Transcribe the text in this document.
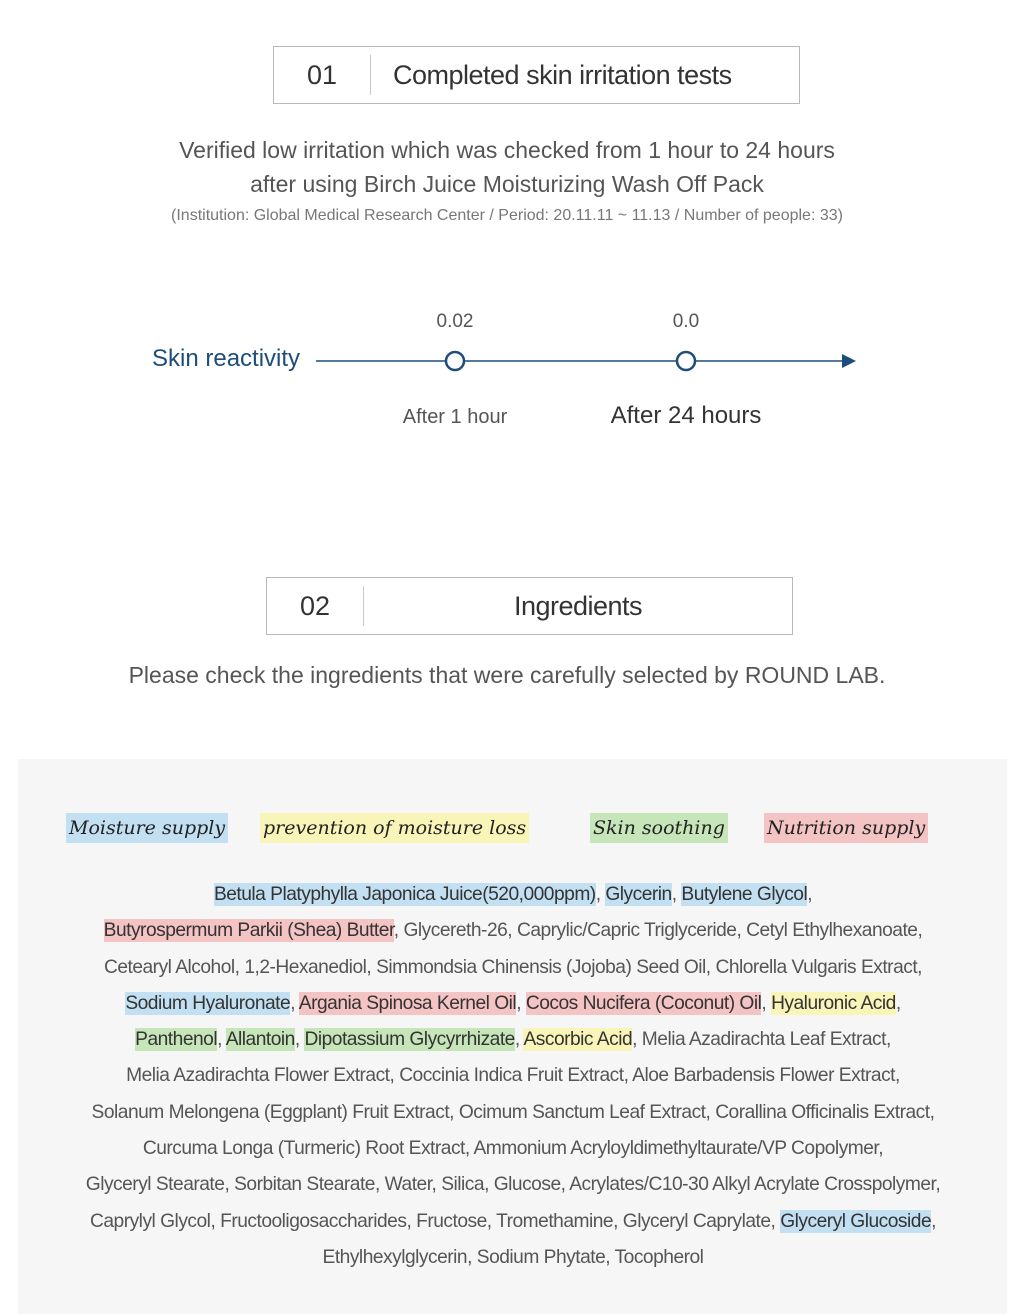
01	Completed skin irritation tests
Verified low irritation which was checked from 1 hour to 24 hours
after using Birch Juice Moisturizing Wash Off Pack
(Institution: Global Medical Research Center / Period: 20.11.11 ~ 11.13 / Number of people: 33)
Skin reactivity
0.02	0.0
After 1 hour	After 24 hours
02	Ingredients
Please check the ingredients that were carefully selected by ROUND LAB.
Moisture supply prevention of moisture loss	Skin soothing Nutrition supply
Betula Platyphylla Japonica Juice(520,000ppm), Glycerin, Butylene Glycol,
Butyrospermum Parkii (Shea) Butter, Glycereth-26, Caprylic/Capric Triglyceride, Cetyl Ethylhexanoate,
Cetearyl Alcohol, 1,2-Hexanediol, Simmondsia Chinensis (Jojoba) Seed Oil, Chlorella Vulgaris Extract,
Sodium Hyaluronate, Argania Spinosa Kernel Oil, Cocos Nucifera (Coconut) Oil, Hyaluronic Acid,
Panthenol, Allantoin, Dipotassium Glycyrrhizate, Ascorbic Acid, Melia Azadirachta Leaf Extract,
Melia Azadirachta Flower Extract, Coccinia Indica Fruit Extract, Aloe Barbadensis Flower Extract,
Solanum Melongena (Eggplant) Fruit Extract, Ocimum Sanctum Leaf Extract, Corallina Officinalis Extract,
Curcuma Longa (Turmeric) Root Extract, Ammonium Acryloyldimethyltaurate/VP Copolymer,
Glyceryl Stearate, Sorbitan Stearate, Water, Silica, Glucose, Acrylates/C10-30 Alkyl Acrylate Crosspolymer,
Caprylyl Glycol, Fructooligosaccharides, Fructose, Tromethamine, Glyceryl Caprylate, Glyceryl Glucoside,
Ethylhexylglycerin, Sodium Phytate, Tocopherol
